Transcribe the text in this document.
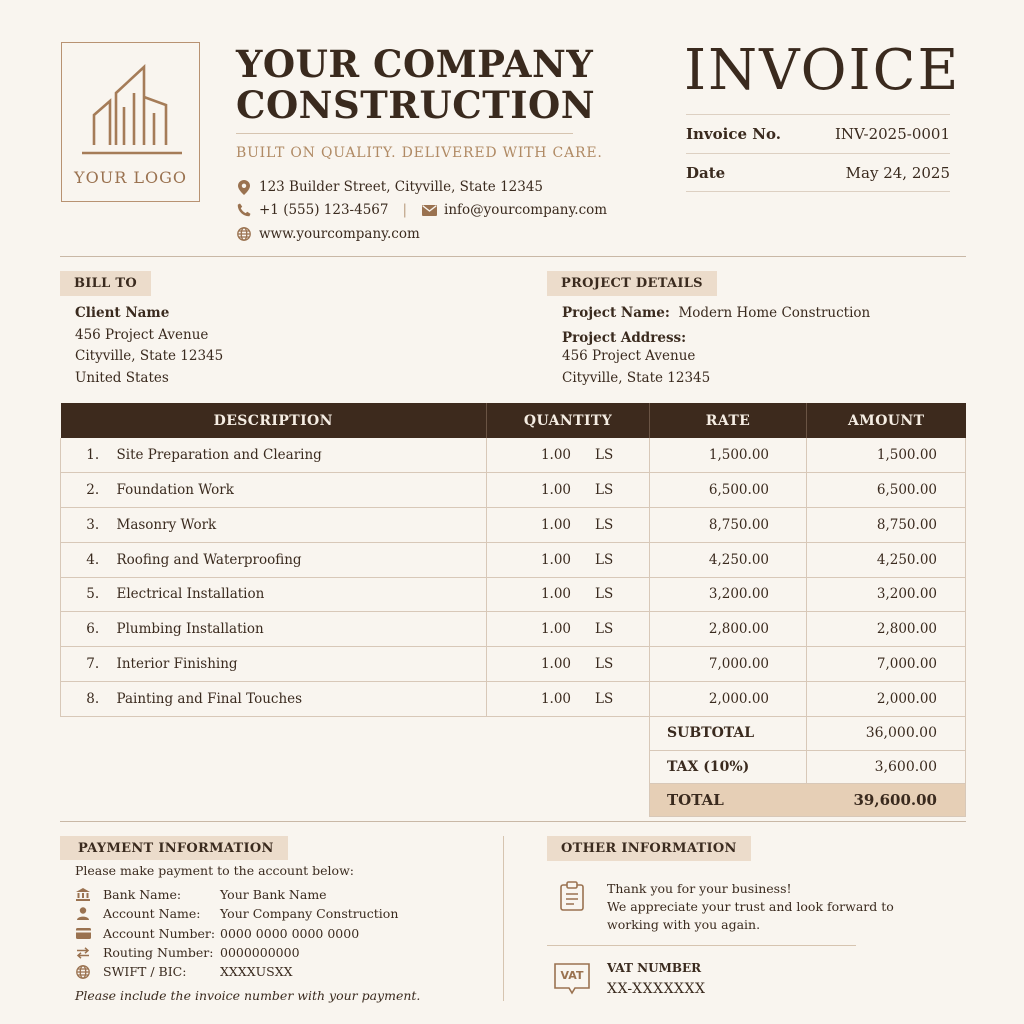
YOUR LOGO
YOUR COMPANY
CONSTRUCTION
BUILT ON QUALITY. DELIVERED WITH CARE.
123 Builder Street, Cityville, State 12345
+1 (555) 123-4567 |	info@yourcompany.com
www.yourcompany.com
INVOICE
Invoice No.	INV-2025-0001
Date	May 24, 2025
BILL TO
Client Name
456 Project Avenue
Cityville, State 12345
United States
PROJECT DETAILS
Project Name: Modern Home Construction
Project Address:
456 Project Avenue
Cityville, State 12345
DESCRIPTION		QUANTITY	RATE	AMOUNT
1.	Site Preparation and Clearing	1.00 LS	1,500.00	1,500.00
2.	Foundation Work	1.00 LS	6,500.00	6,500.00
3.	Masonry Work	1.00 LS	8,750.00	8,750.00
4.	Roofing and Waterproofing	1.00 LS	4,250.00	4,250.00
5.	Electrical Installation	1.00 LS	3,200.00	3,200.00
6.	Plumbing Installation	1.00 LS	2,800.00	2,800.00
7.	Interior Finishing	1.00 LS	7,000.00	7,000.00
8.	Painting and Final Touches	1.00 LS	2,000.00	2,000.00
SUBTOTAL	36,000.00
TAX (10%)	3,600.00
TOTAL	39,600.00
PAYMENT INFORMATION
Please make payment to the account below:
Bank Name:	Your Bank Name
Account Name:	Your Company Construction
Account Number: 0000 0000 0000 0000
Routing Number: 0000000000
SWIFT / BIC:	XXXXUSXX
Please include the invoice number with your payment.
OTHER INFORMATION
Thank you for your business!
We appreciate your trust and look forward to
working with you again.
VAT
VAT NUMBER
XX-XXXXXXX
